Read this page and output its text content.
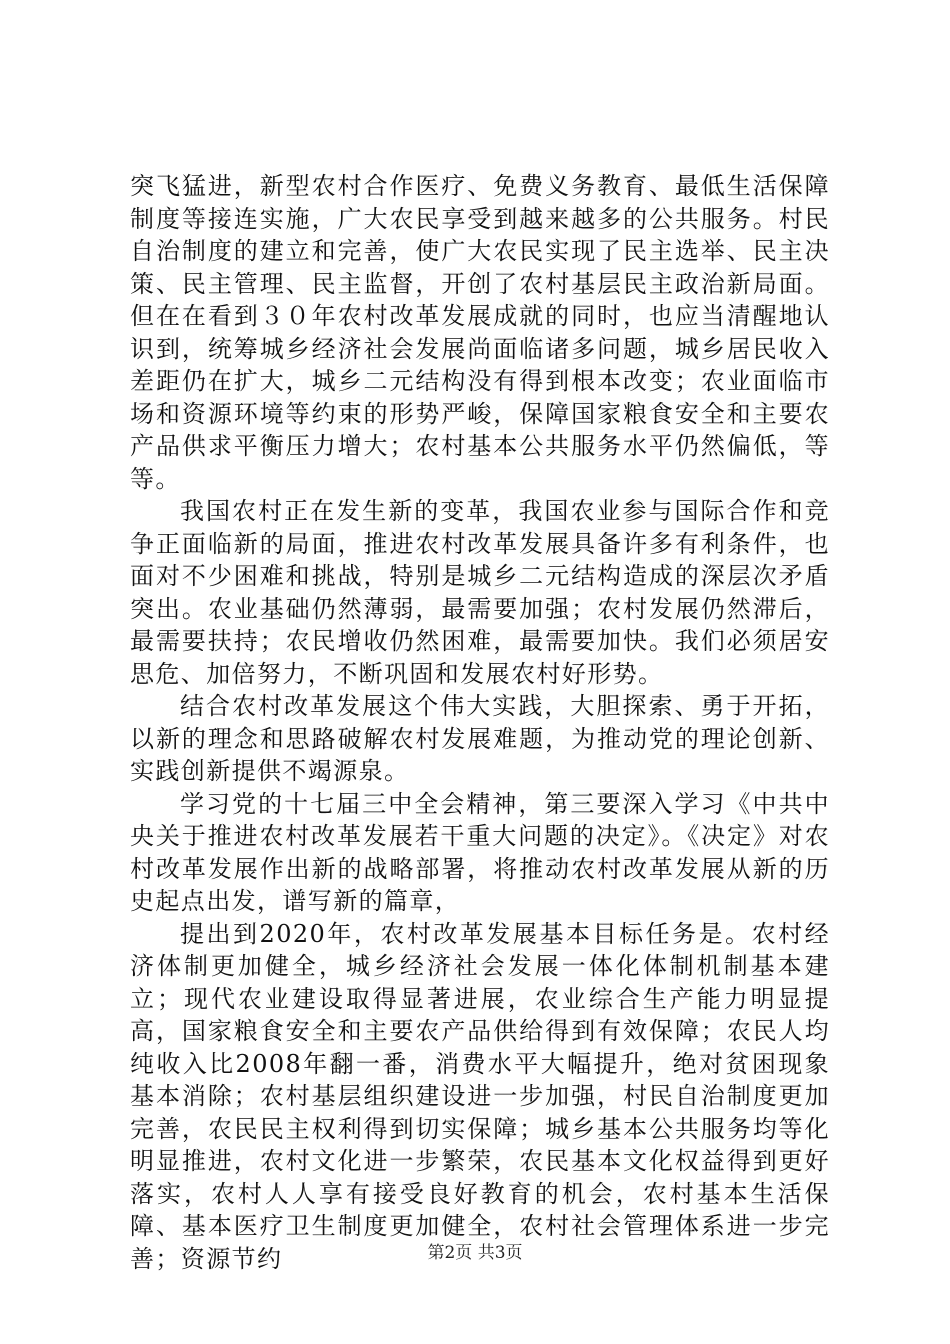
突飞猛进，新型农村合作医疗、免费义务教育、最低生活保障制度等接连实施，广大农民享受到越来越多的公共服务。村民自治制度的建立和完善，使广大农民实现了民主选举、民主决策、民主管理、民主监督，开创了农村基层民主政治新局面。但在在看到３０年农村改革发展成就的同时，也应当清醒地认识到，统筹城乡经济社会发展尚面临诸多问题，城乡居民收入差距仍在扩大，城乡二元结构没有得到根本改变；农业面临市场和资源环境等约束的形势严峻，保障国家粮食安全和主要农产品供求平衡压力增大；农村基本公共服务水平仍然偏低，等等。

我国农村正在发生新的变革，我国农业参与国际合作和竞争正面临新的局面，推进农村改革发展具备许多有利条件，也面对不少困难和挑战，特别是城乡二元结构造成的深层次矛盾突出。农业基础仍然薄弱，最需要加强；农村发展仍然滞后，最需要扶持；农民增收仍然困难，最需要加快。我们必须居安思危、加倍努力，不断巩固和发展农村好形势。

结合农村改革发展这个伟大实践，大胆探索、勇于开拓，以新的理念和思路破解农村发展难题，为推动党的理论创新、实践创新提供不竭源泉。

学习党的十七届三中全会精神，第三要深入学习《中共中央关于推进农村改革发展若干重大问题的决定》。《决定》对农村改革发展作出新的战略部署，将推动农村改革发展从新的历史起点出发，谱写新的篇章，

提出到2020年，农村改革发展基本目标任务是。农村经济体制更加健全，城乡经济社会发展一体化体制机制基本建立；现代农业建设取得显著进展，农业综合生产能力明显提高，国家粮食安全和主要农产品供给得到有效保障；农民人均纯收入比2008年翻一番，消费水平大幅提升，绝对贫困现象基本消除；农村基层组织建设进一步加强，村民自治制度更加完善，农民民主权利得到切实保障；城乡基本公共服务均等化明显推进，农村文化进一步繁荣，农民基本文化权益得到更好落实，农村人人享有接受良好教育的机会，农村基本生活保障、基本医疗卫生制度更加健全，农村社会管理体系进一步完善；资源节约	第2页 共3页
